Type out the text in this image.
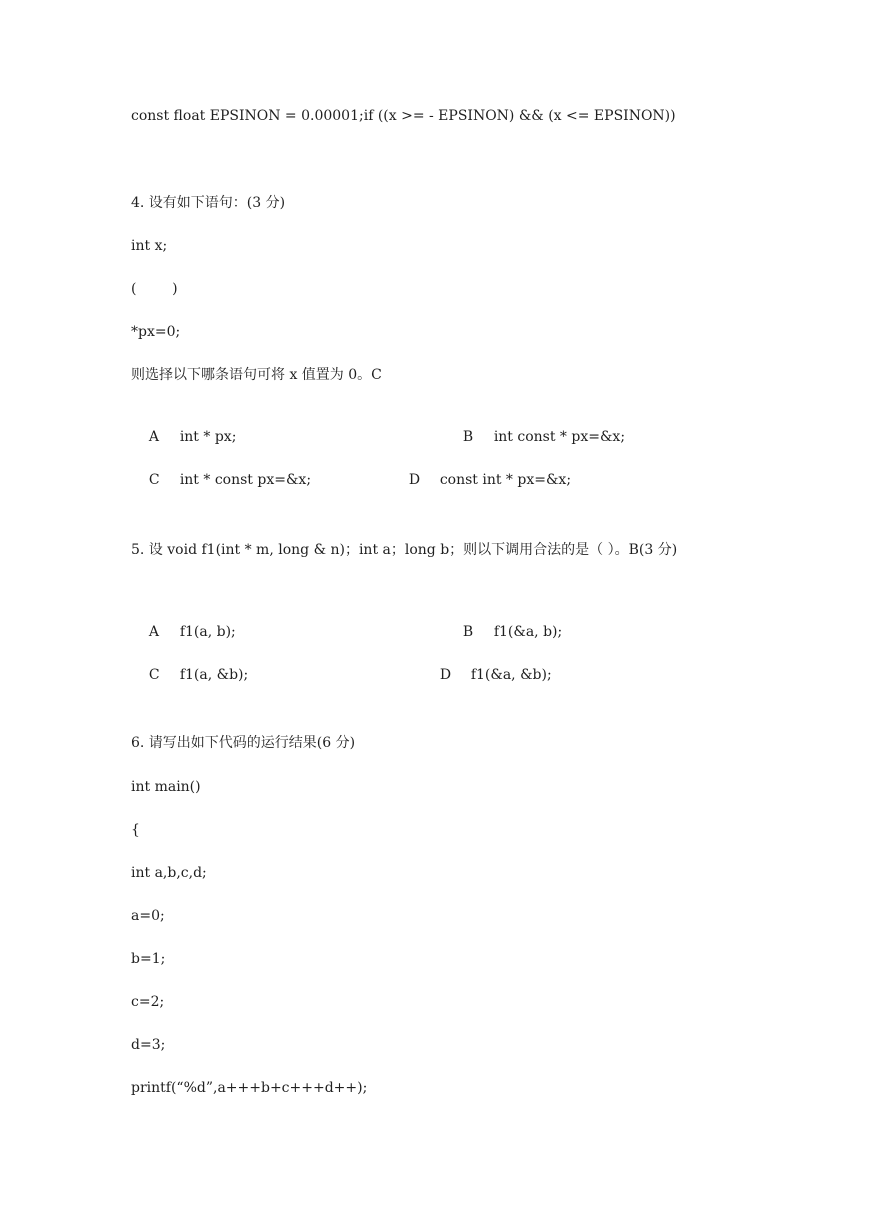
const float EPSINON = 0.00001;if ((x >= - EPSINON) && (x <= EPSINON))
4. 设有如下语句：(3 分)
int x;
(        )
*px=0;
则选择以下哪条语句可将 x 值置为 0。C

A int * px;
	B int const * px=&x;

C int * const px=&x;
	D const int * px=&x;

5. 设 void f1(int * m, long & n)；int a；long b；则以下调用合法的是（ ）。B(3 分)

A f1(a, b);
	B f1(&a, b);

C f1(a, &b);
	D f1(&a, &b);

6. 请写出如下代码的运行结果(6 分)
int main()
{
int a,b,c,d;
a=0;
b=1;
c=2;
d=3;
printf(“%d”,a+++b+c+++d++);
